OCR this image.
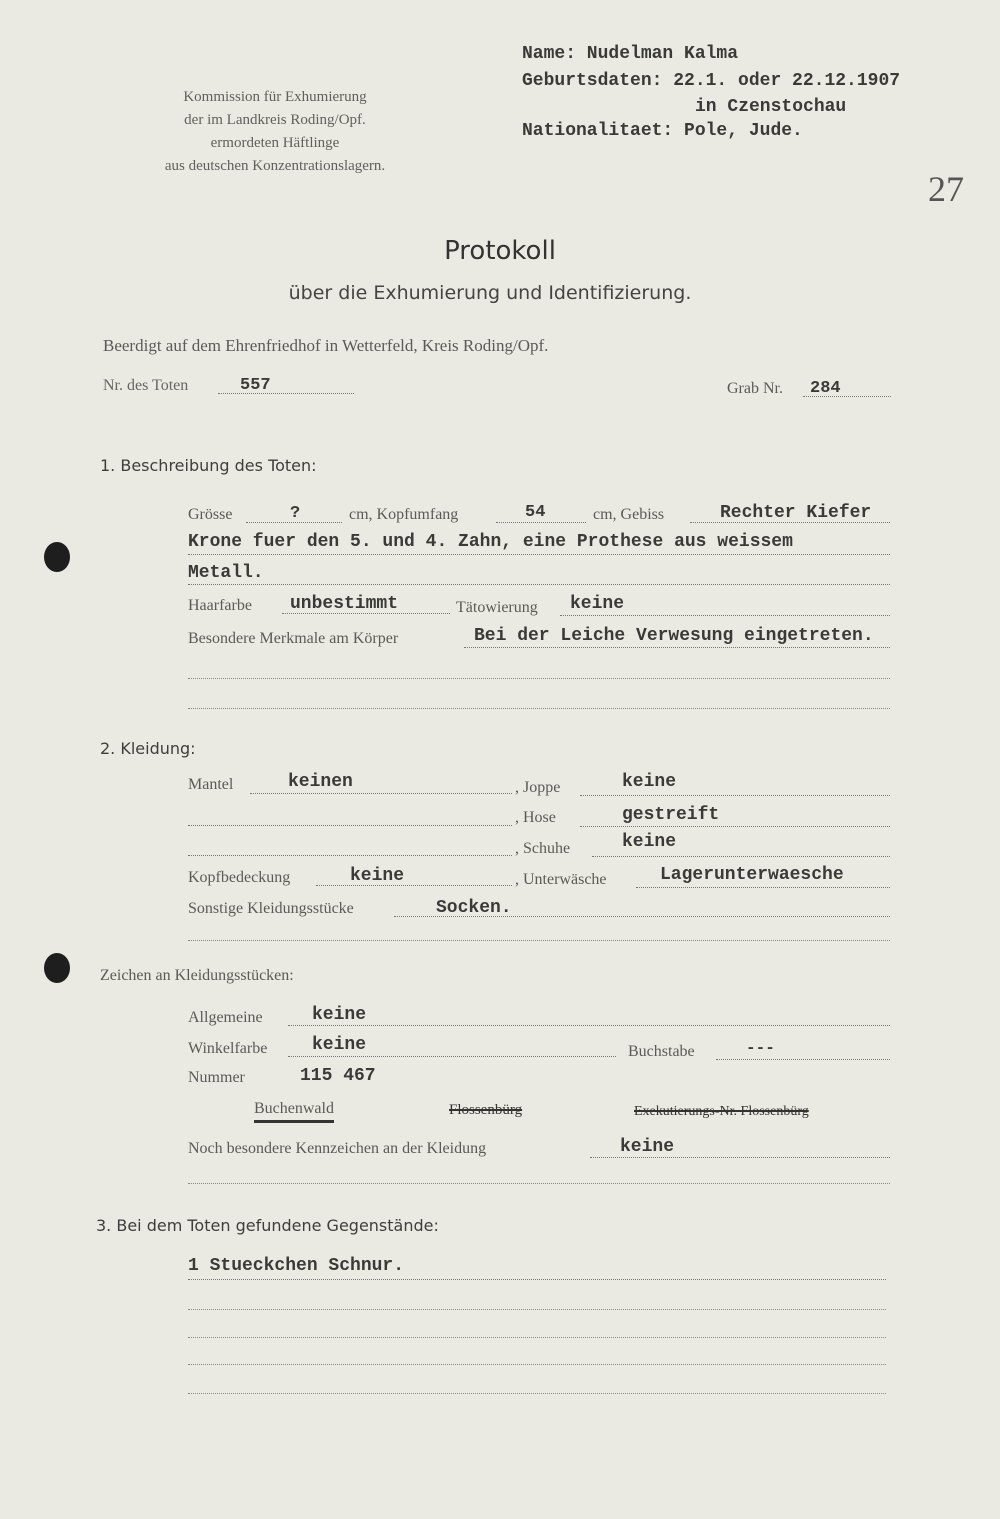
Kommission für Exhumierung
der im Landkreis Roding/Opf.
ermordeten Häftlinge
aus deutschen Konzentrationslagern.
Name: Nudelman Kalma
Geburtsdaten: 22.1. oder 22.12.1907
in Czenstochau
Nationalitaet: Pole, Jude.
27
Protokoll
über die Exhumierung und Identifizierung.
Beerdigt auf dem Ehrenfriedhof in Wetterfeld, Kreis Roding/Opf.
Nr. des Toten	557	Grab Nr. 284
1. Beschreibung des Toten:
Grösse	?	cm, Kopfumfang	54	cm, Gebiss	Rechter Kiefer
Krone fuer den 5. und 4. Zahn, eine Prothese aus weissem
Metall.
Haarfarbe unbestimmt	Tätowierung keine
Besondere Merkmale am Körper	Bei der Leiche Verwesung eingetreten.
2. Kleidung:
Mantel	keinen	, Joppe	keine
, Hose	gestreift
, Schuhe	keine
Kopfbedeckung	keine	, Unterwäsche	Lagerunterwaesche
Sonstige Kleidungsstücke	Socken.
Zeichen an Kleidungsstücken:
Allgemeine	keine
Winkelfarbe keine	Buchstabe	---
Nummer	115 467
Buchenwald	Flossenbürg	Exekutierungs-Nr. Flossenbürg
Noch besondere Kennzeichen an der Kleidung	keine
3. Bei dem Toten gefundene Gegenstände:
1 Stueckchen Schnur.
